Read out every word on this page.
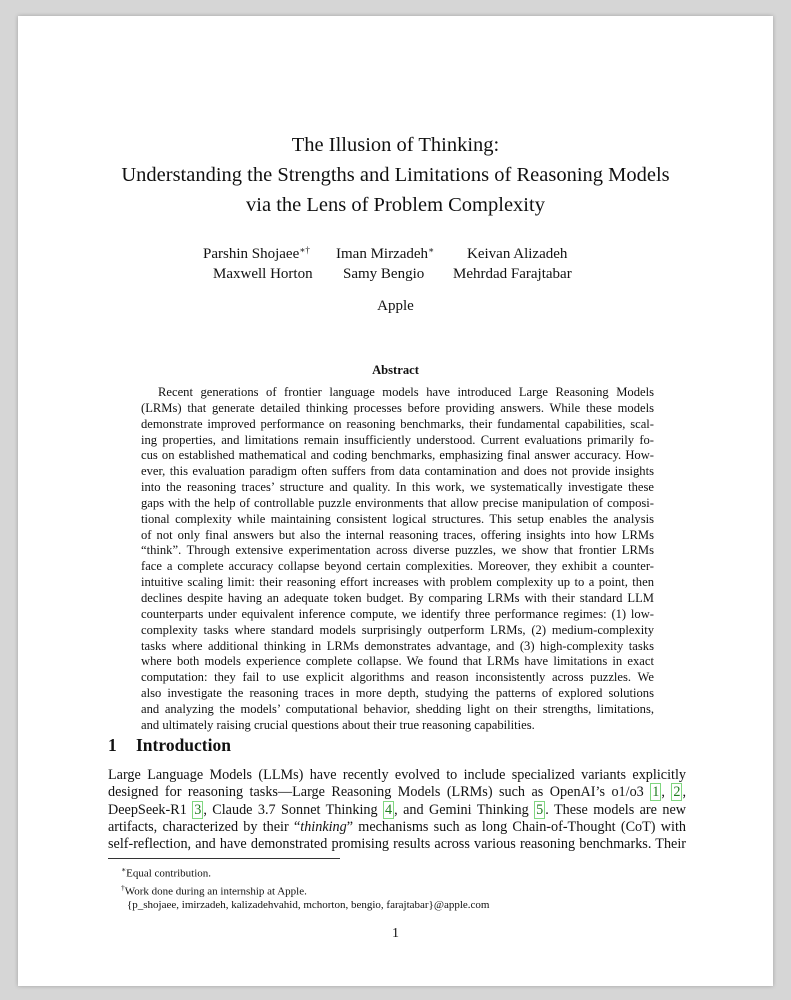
The Illusion of Thinking:
Understanding the Strengths and Limitations of Reasoning Models
via the Lens of Problem Complexity
Parshin Shojaee∗† Iman Mirzadeh∗ Keivan Alizadeh
Maxwell Horton Samy Bengio Mehrdad Farajtabar
Apple
Abstract
Recent generations of frontier language models have introduced Large Reasoning Models
(LRMs) that generate detailed thinking processes before providing answers. While these models
demonstrate improved performance on reasoning benchmarks, their fundamental capabilities, scal-
ing properties, and limitations remain insufficiently understood. Current evaluations primarily fo-
cus on established mathematical and coding benchmarks, emphasizing final answer accuracy. How-
ever, this evaluation paradigm often suffers from data contamination and does not provide insights
into the reasoning traces’ structure and quality. In this work, we systematically investigate these
gaps with the help of controllable puzzle environments that allow precise manipulation of composi-
tional complexity while maintaining consistent logical structures. This setup enables the analysis
of not only final answers but also the internal reasoning traces, offering insights into how LRMs
“think”. Through extensive experimentation across diverse puzzles, we show that frontier LRMs
face a complete accuracy collapse beyond certain complexities. Moreover, they exhibit a counter-
intuitive scaling limit: their reasoning effort increases with problem complexity up to a point, then
declines despite having an adequate token budget. By comparing LRMs with their standard LLM
counterparts under equivalent inference compute, we identify three performance regimes: (1) low-
complexity tasks where standard models surprisingly outperform LRMs, (2) medium-complexity
tasks where additional thinking in LRMs demonstrates advantage, and (3) high-complexity tasks
where both models experience complete collapse. We found that LRMs have limitations in exact
computation: they fail to use explicit algorithms and reason inconsistently across puzzles. We
also investigate the reasoning traces in more depth, studying the patterns of explored solutions
and analyzing the models’ computational behavior, shedding light on their strengths, limitations,
and ultimately raising crucial questions about their true reasoning capabilities.
1 Introduction
Large Language Models (LLMs) have recently evolved to include specialized variants explicitly
designed for reasoning tasks—Large Reasoning Models (LRMs) such as OpenAI’s o1/o3 1 , 2 ,
DeepSeek-R1 3 , Claude 3.7 Sonnet Thinking 4 , and Gemini Thinking 5 . These models are new
artifacts, characterized by their “thinking” mechanisms such as long Chain-of-Thought (CoT) with
self-reflection, and have demonstrated promising results across various reasoning benchmarks. Their
∗Equal contribution.
†Work done during an internship at Apple.
{p_shojaee, imirzadeh, kalizadehvahid, mchorton, bengio, farajtabar}@apple.com
1
